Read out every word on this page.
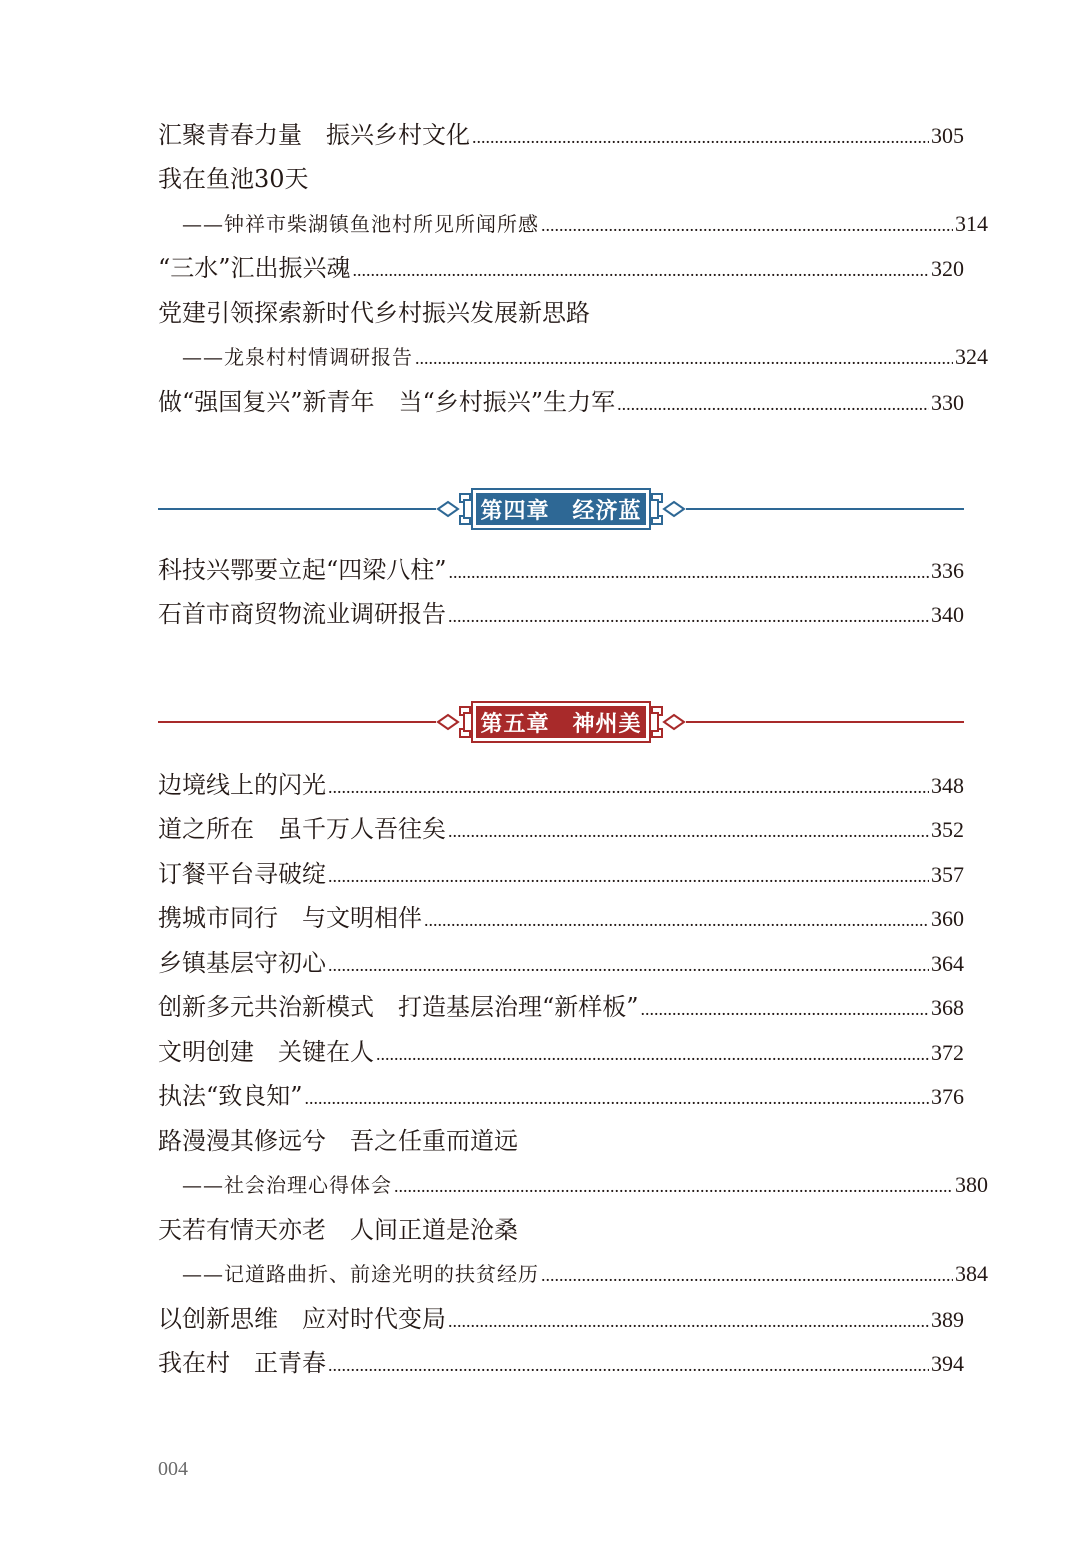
汇聚青春力量　振兴乡村文化 .....	305
我在鱼池30天
——钟祥市柴湖镇鱼池村所见所闻所感 .....	314
“三水”汇出振兴魂 .....	320
党建引领探索新时代乡村振兴发展新思路
——龙泉村村情调研报告 .....	324
做“强国复兴”新青年　当“乡村振兴”生力军 .....	330
第四章　经济蓝
科技兴鄂要立起“四梁八柱” .....	336
石首市商贸物流业调研报告 .....	340
第五章　神州美
边境线上的闪光 .....	348
道之所在　虽千万人吾往矣 .....	352
订餐平台寻破绽 .....	357
携城市同行　与文明相伴 .....	360
乡镇基层守初心 .....	364
创新多元共治新模式　打造基层治理“新样板” .....	368
文明创建　关键在人 .....	372
执法“致良知” .....	376
路漫漫其修远兮　吾之任重而道远
——社会治理心得体会 .....	380
天若有情天亦老　人间正道是沧桑
——记道路曲折、前途光明的扶贫经历 .....	384
以创新思维　应对时代变局 .....	389
我在村　正青春 .....	394
004
